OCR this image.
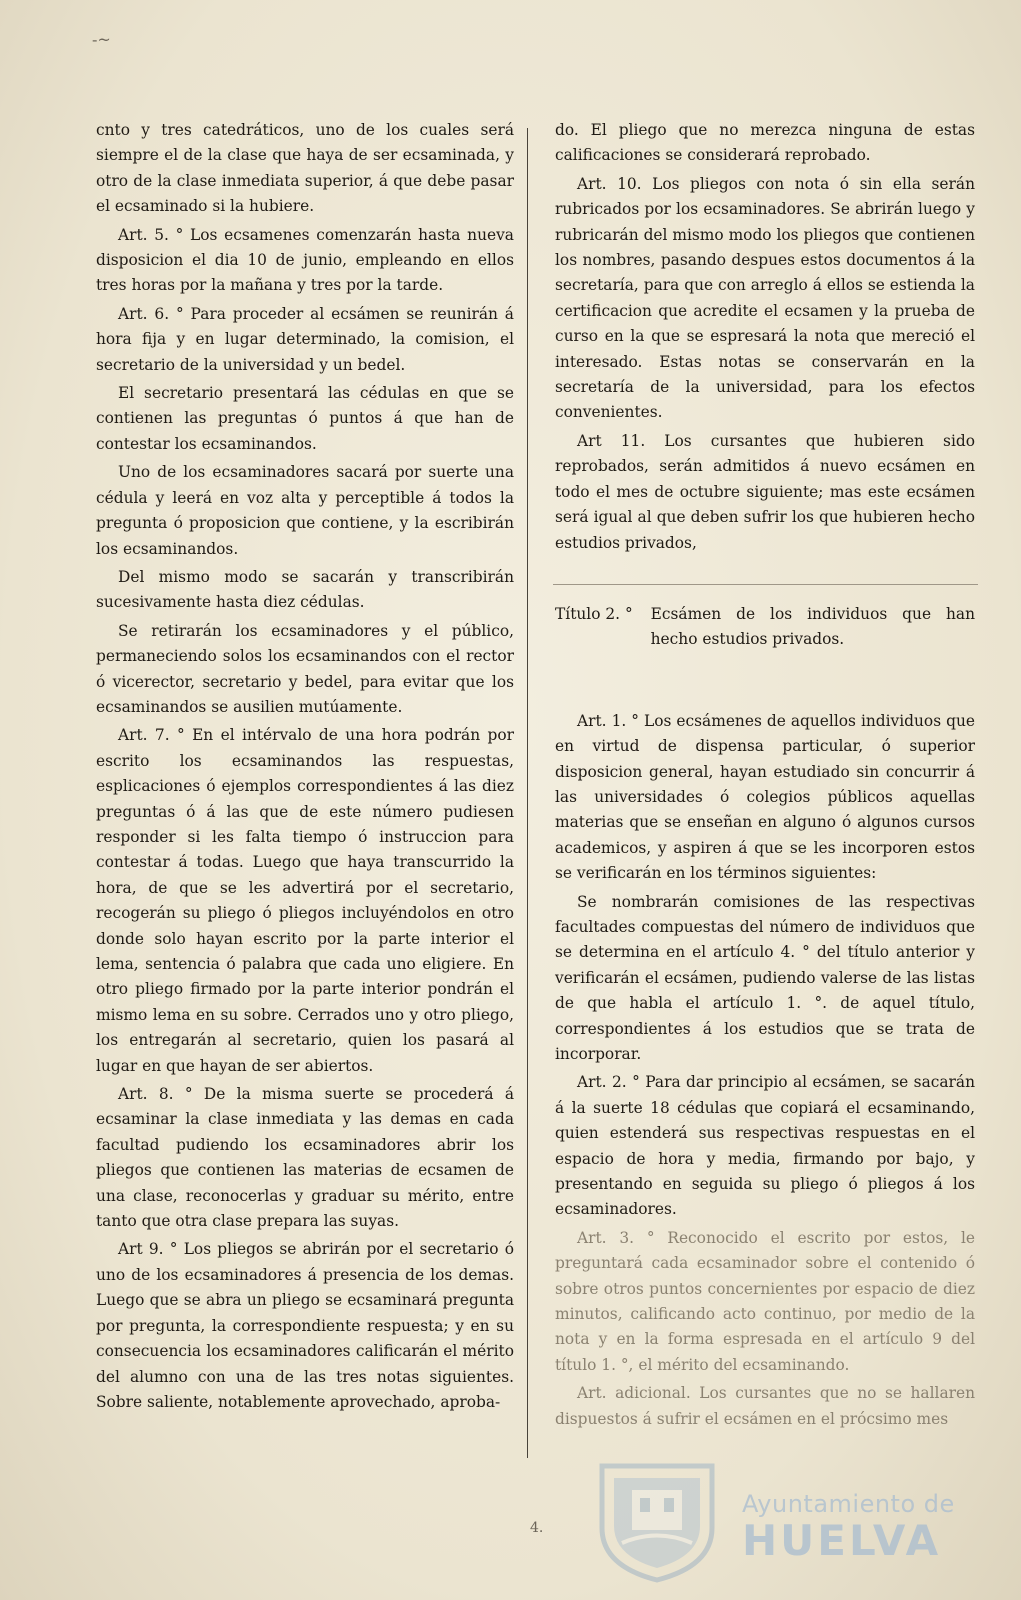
-~

cnto y tres catedráticos, uno de los cuales será siempre el de la clase que haya de ser ecsaminada, y otro de la clase inmediata superior, á que debe pasar el ecsaminado si la hubiere.

Art. 5. ° Los ecsamenes comenzarán hasta nueva disposicion el dia 10 de junio, empleando en ellos tres horas por la mañana y tres por la tarde.

Art. 6. ° Para proceder al ecsámen se reunirán á hora fija y en lugar determinado, la comision, el secretario de la universidad y un bedel.

El secretario presentará las cédulas en que se contienen las preguntas ó puntos á que han de contestar los ecsaminandos.

Uno de los ecsaminadores sacará por suerte una cédula y leerá en voz alta y perceptible á todos la pregunta ó proposicion que contiene, y la escribirán los ecsaminandos.

Del mismo modo se sacarán y transcribirán sucesivamente hasta diez cédulas.

Se retirarán los ecsaminadores y el público, permaneciendo solos los ecsaminandos con el rector ó vicerector, secretario y bedel, para evitar que los ecsaminandos se ausilien mutúamente.

Art. 7. ° En el intérvalo de una hora podrán por escrito los ecsaminandos las respuestas, esplicaciones ó ejemplos correspondientes á las diez preguntas ó á las que de este número pudiesen responder si les falta tiempo ó instruccion para contestar á todas. Luego que haya transcurrido la hora, de que se les advertirá por el secretario, recogerán su pliego ó pliegos incluyéndolos en otro donde solo hayan escrito por la parte interior el lema, sentencia ó palabra que cada uno eligiere. En otro pliego firmado por la parte interior pondrán el mismo lema en su sobre. Cerrados uno y otro pliego, los entregarán al secretario, quien los pasará al lugar en que hayan de ser abiertos.

Art. 8. ° De la misma suerte se procederá á ecsaminar la clase inmediata y las demas en cada facultad pudiendo los ecsaminadores abrir los pliegos que contienen las materias de ecsamen de una clase, reconocerlas y graduar su mérito, entre tanto que otra clase prepara las suyas.

Art 9. ° Los pliegos se abrirán por el secretario ó uno de los ecsaminadores á presencia de los demas. Luego que se abra un pliego se ecsaminará pregunta por pregunta, la correspondiente respuesta; y en su consecuencia los ecsaminadores calificarán el mérito del alumno con una de las tres notas siguientes. Sobre saliente, notablemente aprovechado, aproba-

do. El pliego que no merezca ninguna de estas calificaciones se considerará reprobado.

Art. 10. Los pliegos con nota ó sin ella serán rubricados por los ecsaminadores. Se abrirán luego y rubricarán del mismo modo los pliegos que contienen los nombres, pasando despues estos documentos á la secretaría, para que con arreglo á ellos se estienda la certificacion que acredite el ecsamen y la prueba de curso en la que se espresará la nota que mereció el interesado. Estas notas se conservarán en la secretaría de la universidad, para los efectos convenientes.

Art 11. Los cursantes que hubieren sido reprobados, serán admitidos á nuevo ecsámen en todo el mes de octubre siguiente; mas este ecsámen será igual al que deben sufrir los que hubieren hecho estudios privados,

Título 2. ° Ecsámen de los individuos que han hecho estudios privados.

Art. 1. ° Los ecsámenes de aquellos individuos que en virtud de dispensa particular, ó superior disposicion general, hayan estudiado sin concurrir á las universidades ó colegios públicos aquellas materias que se enseñan en alguno ó algunos cursos academicos, y aspiren á que se les incorporen estos se verificarán en los términos siguientes:

Se nombrarán comisiones de las respectivas facultades compuestas del número de individuos que se determina en el artículo 4. ° del título anterior y verificarán el ecsámen, pudiendo valerse de las listas de que habla el artículo 1. °. de aquel título, correspondientes á los estudios que se trata de incorporar.

Art. 2. ° Para dar principio al ecsámen, se sacarán á la suerte 18 cédulas que copiará el ecsaminando, quien estenderá sus respectivas respuestas en el espacio de hora y media, firmando por bajo, y presentando en seguida su pliego ó pliegos á los ecsaminadores.

Art. 3. ° Reconocido el escrito por estos, le preguntará cada ecsaminador sobre el contenido ó sobre otros puntos concernientes por espacio de diez minutos, calificando acto continuo, por medio de la nota y en la forma espresada en el artículo 9 del título 1. °, el mérito del ecsaminando.

Art. adicional. Los cursantes que no se hallaren dispuestos á sufrir el ecsámen en el prócsimo mes

Ayuntamiento de
HUELVA
4.
